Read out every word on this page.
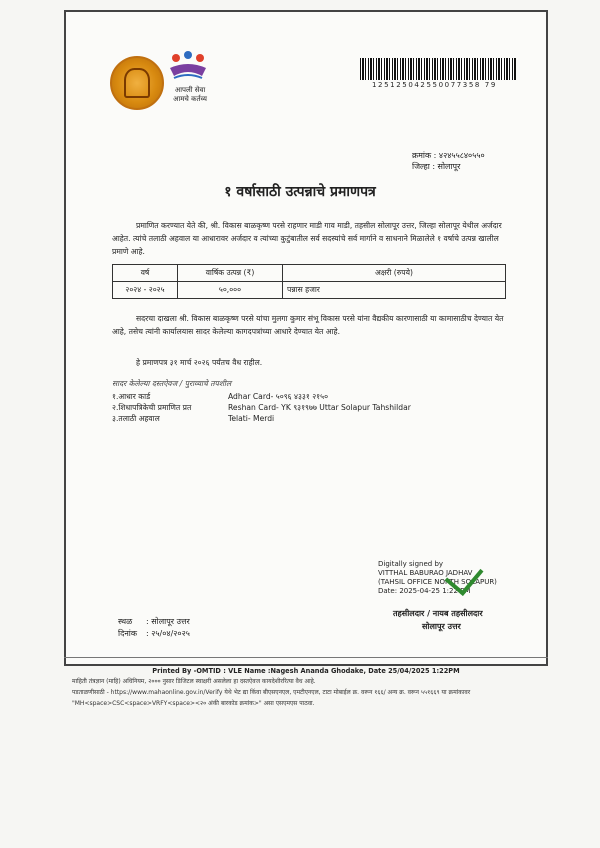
आपली सेवा
आमचे कर्तव्य
125125042550077358 79
क्रमांक : ४२४५५८४०५५०
जिल्हा : सोलापूर
१ वर्षासाठी उत्पन्नाचे प्रमाणपत्र
प्रमाणित करण्यात येते की, श्री. विकास बाळकृष्ण परसे राहणार माडी गाव माडी, तहसील सोलापूर उत्तर, जिल्हा सोलापूर येथील अर्जदार आहेत. त्यांचे तलाठी अहवाल या आधारावर अर्जदार व त्यांच्या कुटुंबातील सर्व सदस्यांचे सर्व मार्गाने व साधनाने मिळालेले १ वर्षाचे उत्पन्न खालील प्रमाणे आहे.
वर्ष	वार्षिक उत्पन्न (₹)	अक्षरी (रुपये)
२०२४ - २०२५	५०,०००	पन्नास हजार
सदरचा दाखला श्री. विकास बाळकृष्ण परसे यांचा मुलगा कुमार संभू विकास परसे यांना वैद्यकीय कारणासाठी या कामासाठीच देण्यात येत आहे, तसेच त्यांनी कार्यालयास सादर केलेल्या कागदपत्रांच्या आधारे देण्यात येत आहे.
हे प्रमाणपत्र ३१ मार्च २०२६ पर्यंतच वैध राहील.
सादर केलेल्या दस्तऐवज / पुराव्याचे तपशील
१.आधार कार्ड	Adhar Card- ५०९६ ४३३१ २१५०
२.शिधापत्रिकेची प्रमाणित प्रत	Reshan Card- YK ९३१९७७ Uttar Solapur Tahshildar
३.तलाठी अहवाल	Telati- Merdi
Digitally signed by
VITTHAL BABURAO JADHAV
(TAHSIL OFFICE NORTH SOLAPUR)
Date: 2025-04-25 1:22 PM
तहसीलदार / नायब तहसीलदार
सोलापूर उत्तर
स्थळ : सोलापूर उत्तर
दिनांक : २५/०४/२०२५
Printed By -OMTID : VLE Name :Nagesh Ananda Ghodake, Date 25/04/2025 1:22PM
माहिती तंत्रज्ञान (माहि) अधिनियम, २००० नुसार डिजिटल स्वाक्षरी असलेला हा दस्तऐवज कायदेशीररित्या वैध आहे.
पडताळणीसाठी - https://www.mahaonline.gov.in/Verify येथे भेट द्या किंवा बीएसएनएल, एमटीएनएल, टाटा मोबाईल क्र. वरून १६६/ अन्य क्र. वरून ५५१६६९ या क्रमांकावर
"MH<space>CSC<space>VRFY<space><२० अंकी बारकोड क्रमांक>" असा एसएमएस पाठवा.
